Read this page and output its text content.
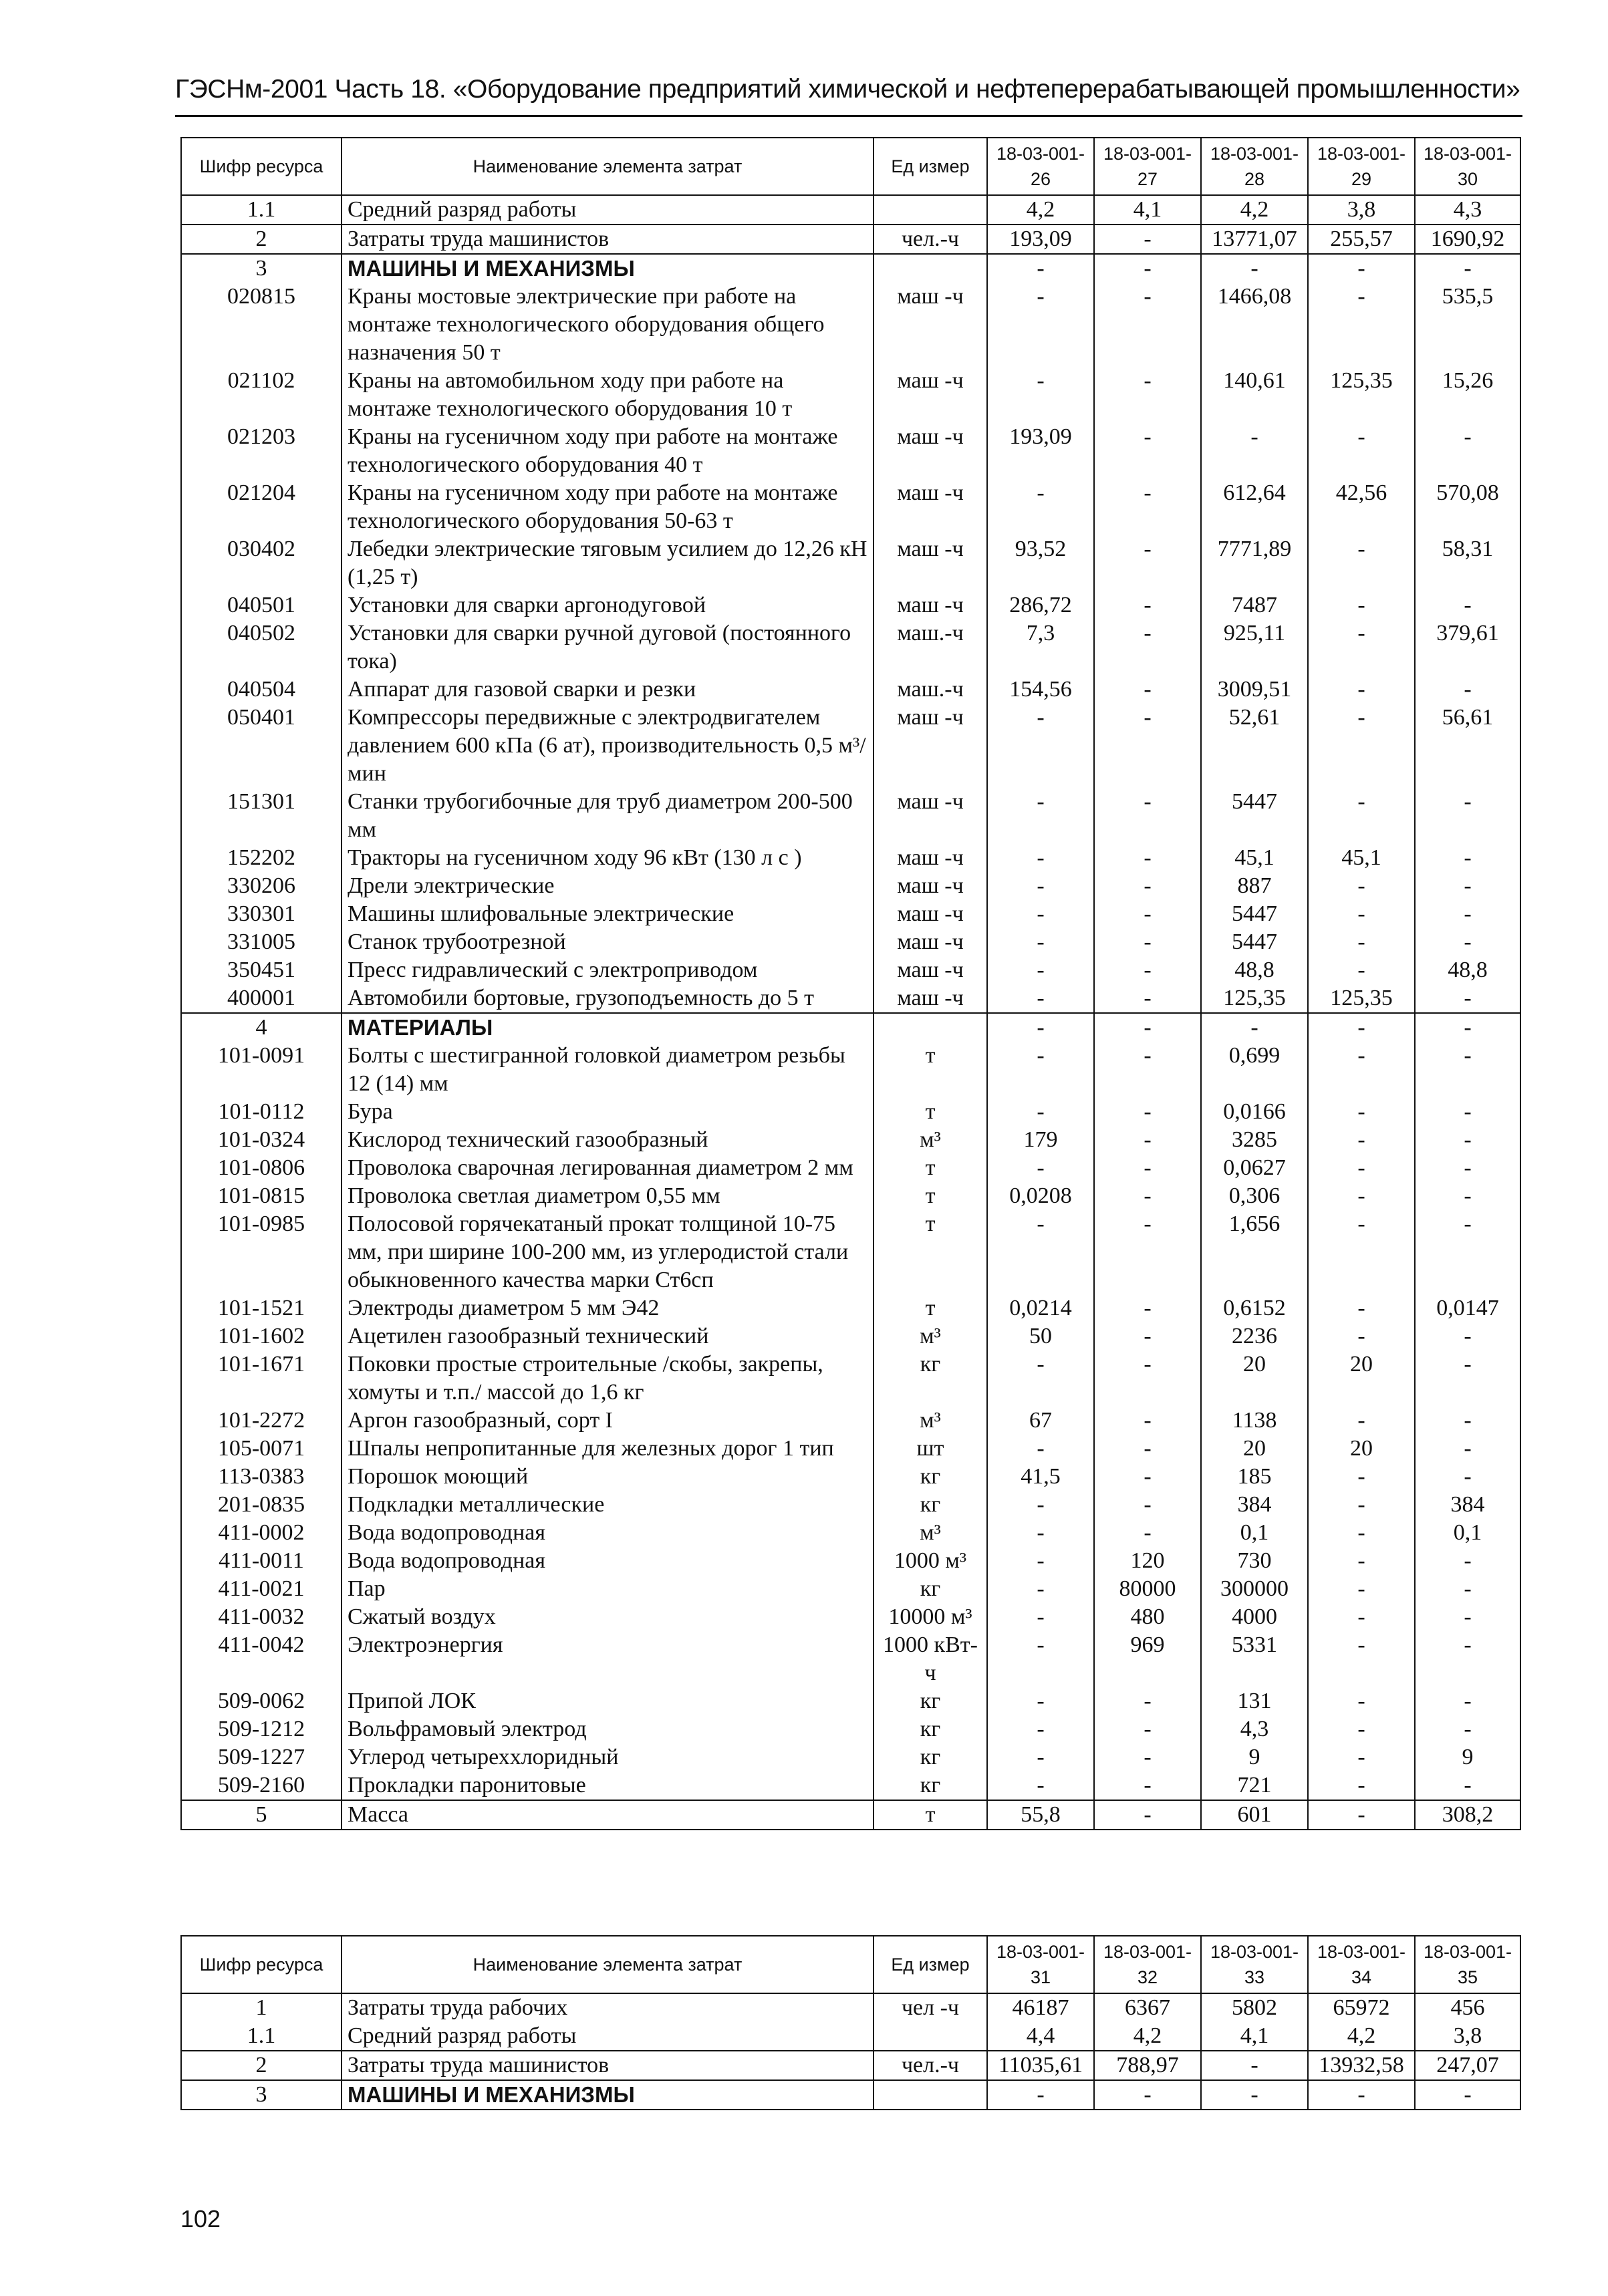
ГЭСНм-2001 Часть 18. «Оборудование предприятий химической и нефтеперерабатывающей промышленности»
Шифр ресурса	Наименование элемента затрат	Ед измер	18-03-001-26	18-03-001-27	18-03-001-28	18-03-001-29	18-03-001-30
1.1	Средний разряд работы		4,2	4,1	4,2	3,8	4,3
2	Затраты труда машинистов	чел.-ч	193,09	-	13771,07	255,57	1690,92
3	МАШИНЫ И МЕХАНИЗМЫ		-	-	-	-	-
020815	Краны мостовые электрические при работе на монтаже технологического оборудования общего назначения 50 т	маш -ч	-	-	1466,08	-	535,5
021102	Краны на автомобильном ходу при работе на монтаже технологического оборудования 10 т	маш -ч	-	-	140,61	125,35	15,26
021203	Краны на гусеничном ходу при работе на монтаже технологического оборудования 40 т	маш -ч	193,09	-	-	-	-
021204	Краны на гусеничном ходу при работе на монтаже технологического оборудования 50-63 т	маш -ч	-	-	612,64	42,56	570,08
030402	Лебедки электрические тяговым усилием до 12,26 кН (1,25 т)	маш -ч	93,52	-	7771,89	-	58,31
040501	Установки для сварки аргонодуговой	маш -ч	286,72	-	7487	-	-
040502	Установки для сварки ручной дуговой (постоянного тока)	маш.-ч	7,3	-	925,11	-	379,61
040504	Аппарат для газовой сварки и резки	маш.-ч	154,56	-	3009,51	-	-
050401	Компрессоры передвижные с электродвигателем давлением 600 кПа (6 ат), производительность 0,5 м³/мин	маш -ч	-	-	52,61	-	56,61
151301	Станки трубогибочные для труб диаметром 200-500 мм	маш -ч	-	-	5447	-	-
152202	Тракторы на гусеничном ходу 96 кВт (130 л с )	маш -ч	-	-	45,1	45,1	-
330206	Дрели электрические	маш -ч	-	-	887	-	-
330301	Машины шлифовальные электрические	маш -ч	-	-	5447	-	-
331005	Станок трубоотрезной	маш -ч	-	-	5447	-	-
350451	Пресс гидравлический с электроприводом	маш -ч	-	-	48,8	-	48,8
400001	Автомобили бортовые, грузоподъемность до 5 т	маш -ч	-	-	125,35	125,35	-
4	МАТЕРИАЛЫ		-	-	-	-	-
101-0091	Болты с шестигранной головкой диаметром резьбы 12 (14) мм	т	-	-	0,699	-	-
101-0112	Бура	т	-	-	0,0166	-	-
101-0324	Кислород технический газообразный	м³	179	-	3285	-	-
101-0806	Проволока сварочная легированная диаметром 2 мм	т	-	-	0,0627	-	-
101-0815	Проволока светлая диаметром 0,55 мм	т	0,0208	-	0,306	-	-
101-0985	Полосовой горячекатаный прокат толщиной 10-75 мм, при ширине 100-200 мм, из углеродистой стали обыкновенного качества марки Ст6сп	т	-	-	1,656	-	-
101-1521	Электроды диаметром 5 мм Э42	т	0,0214	-	0,6152	-	0,0147
101-1602	Ацетилен газообразный технический	м³	50	-	2236	-	-
101-1671	Поковки простые строительные /скобы, закрепы, хомуты и т.п./ массой до 1,6 кг	кг	-	-	20	20	-
101-2272	Аргон газообразный, сорт I	м³	67	-	1138	-	-
105-0071	Шпалы непропитанные для железных дорог 1 тип	шт	-	-	20	20	-
113-0383	Порошок моющий	кг	41,5	-	185	-	-
201-0835	Подкладки металлические	кг	-	-	384	-	384
411-0002	Вода водопроводная	м³	-	-	0,1	-	0,1
411-0011	Вода водопроводная	1000 м³	-	120	730	-	-
411-0021	Пар	кг	-	80000	300000	-	-
411-0032	Сжатый воздух	10000 м³	-	480	4000	-	-
411-0042	Электроэнергия	1000 кВт-ч	-	969	5331	-	-
509-0062	Припой ЛОК	кг	-	-	131	-	-
509-1212	Вольфрамовый электрод	кг	-	-	4,3	-	-
509-1227	Углерод четыреххлоридный	кг	-	-	9	-	9
509-2160	Прокладки паронитовые	кг	-	-	721	-	-
5	Масса	т	55,8	-	601	-	308,2
Шифр ресурса	Наименование элемента затрат	Ед измер	18-03-001-31	18-03-001-32	18-03-001-33	18-03-001-34	18-03-001-35
1	Затраты труда рабочих	чел -ч	46187	6367	5802	65972	456
1.1	Средний разряд работы		4,4	4,2	4,1	4,2	3,8
2	Затраты труда машинистов	чел.-ч	11035,61	788,97	-	13932,58	247,07
3	МАШИНЫ И МЕХАНИЗМЫ		-	-	-	-	-
102
